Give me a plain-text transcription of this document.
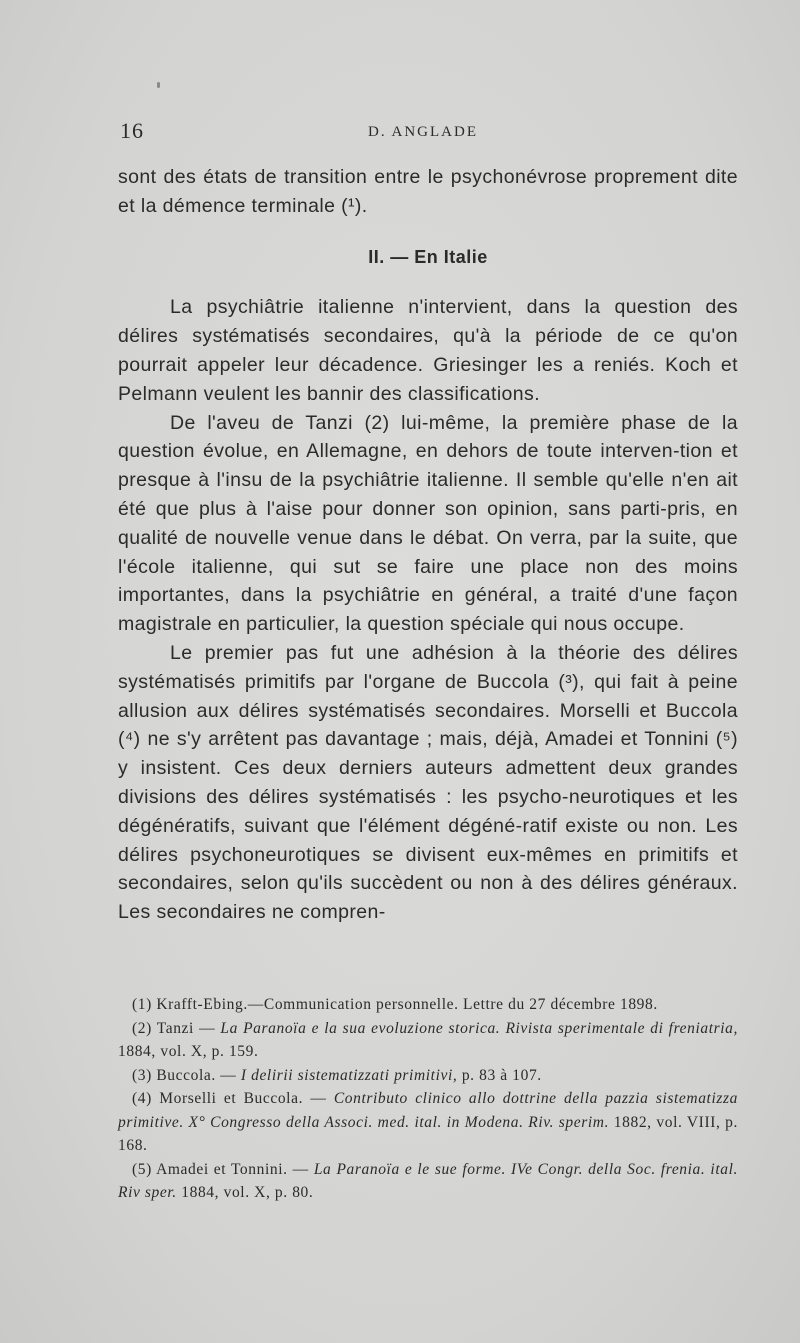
16	D. ANGLADE

sont des états de transition entre le psychonévrose proprement dite et la démence terminale (¹).

II. — En Italie

La psychiâtrie italienne n'intervient, dans la question des délires systématisés secondaires, qu'à la période de ce qu'on pourrait appeler leur décadence. Griesinger les a reniés. Koch et Pelmann veulent les bannir des classifications.

De l'aveu de Tanzi (2) lui-même, la première phase de la question évolue, en Allemagne, en dehors de toute interven-tion et presque à l'insu de la psychiâtrie italienne. Il semble qu'elle n'en ait été que plus à l'aise pour donner son opinion, sans parti-pris, en qualité de nouvelle venue dans le débat. On verra, par la suite, que l'école italienne, qui sut se faire une place non des moins importantes, dans la psychiâtrie en général, a traité d'une façon magistrale en particulier, la question spéciale qui nous occupe.

Le premier pas fut une adhésion à la théorie des délires systématisés primitifs par l'organe de Buccola (³), qui fait à peine allusion aux délires systématisés secondaires. Morselli et Buccola (⁴) ne s'y arrêtent pas davantage ; mais, déjà, Amadei et Tonnini (⁵) y insistent. Ces deux derniers auteurs admettent deux grandes divisions des délires systématisés : les psycho-neurotiques et les dégénératifs, suivant que l'élément dégéné-ratif existe ou non. Les délires psychoneurotiques se divisent eux-mêmes en primitifs et secondaires, selon qu'ils succèdent ou non à des délires généraux. Les secondaires ne compren-

(1) Krafft-Ebing.—Communication personnelle. Lettre du 27 décembre 1898.

(2) Tanzi — La Paranoïa e la sua evoluzione storica. Rivista sperimentale di freniatria, 1884, vol. X, p. 159.

(3) Buccola. — I delirii sistematizzati primitivi, p. 83 à 107.

(4) Morselli et Buccola. — Contributo clinico allo dottrine della pazzia sistematizza primitive. X° Congresso della Associ. med. ital. in Modena. Riv. sperim. 1882, vol. VIII, p. 168.

(5) Amadei et Tonnini. — La Paranoïa e le sue forme. IVe Congr. della Soc. frenia. ital. Riv sper. 1884, vol. X, p. 80.
